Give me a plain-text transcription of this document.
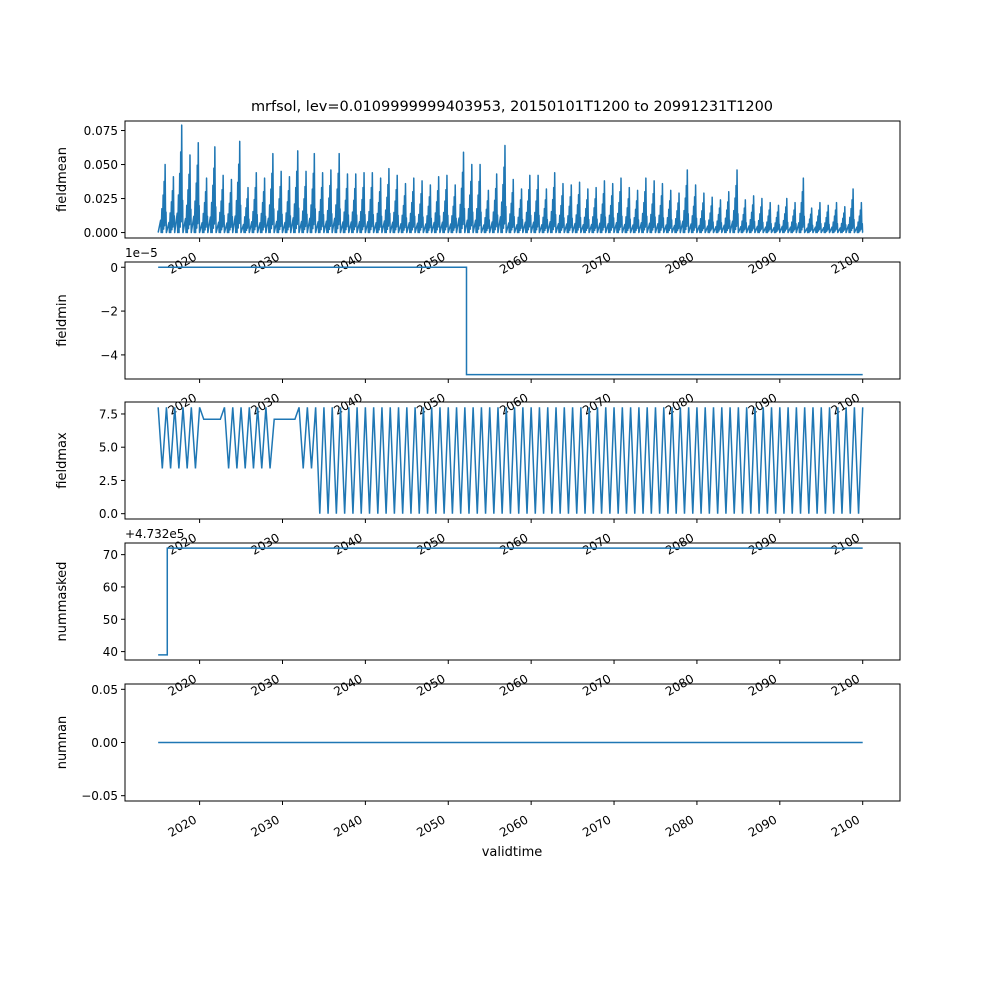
mrfsol, lev=0.0109999999403953, 20150101T1200 to 20991231T1200
2020	2030	2040	2050	2060	2070	2080	2090	2100
0.000
0.025
0.050
0.075
fieldmean
2020	2030	2040	2050	2060	2070	2080	2090	2100
0
−2
−4
1e−5
fieldmin
2020	2030	2040	2050	2060	2070	2080	2090	2100
0.0
2.5
5.0
7.5
fieldmax
2020	2030	2040	2050	2060	2070	2080	2090	2100
40
50
60
70
+4.732e5
nummasked
2020	2030	2040	2050	2060	2070	2080	2090	2100
−0.05
0.00
0.05
numnan
validtime
